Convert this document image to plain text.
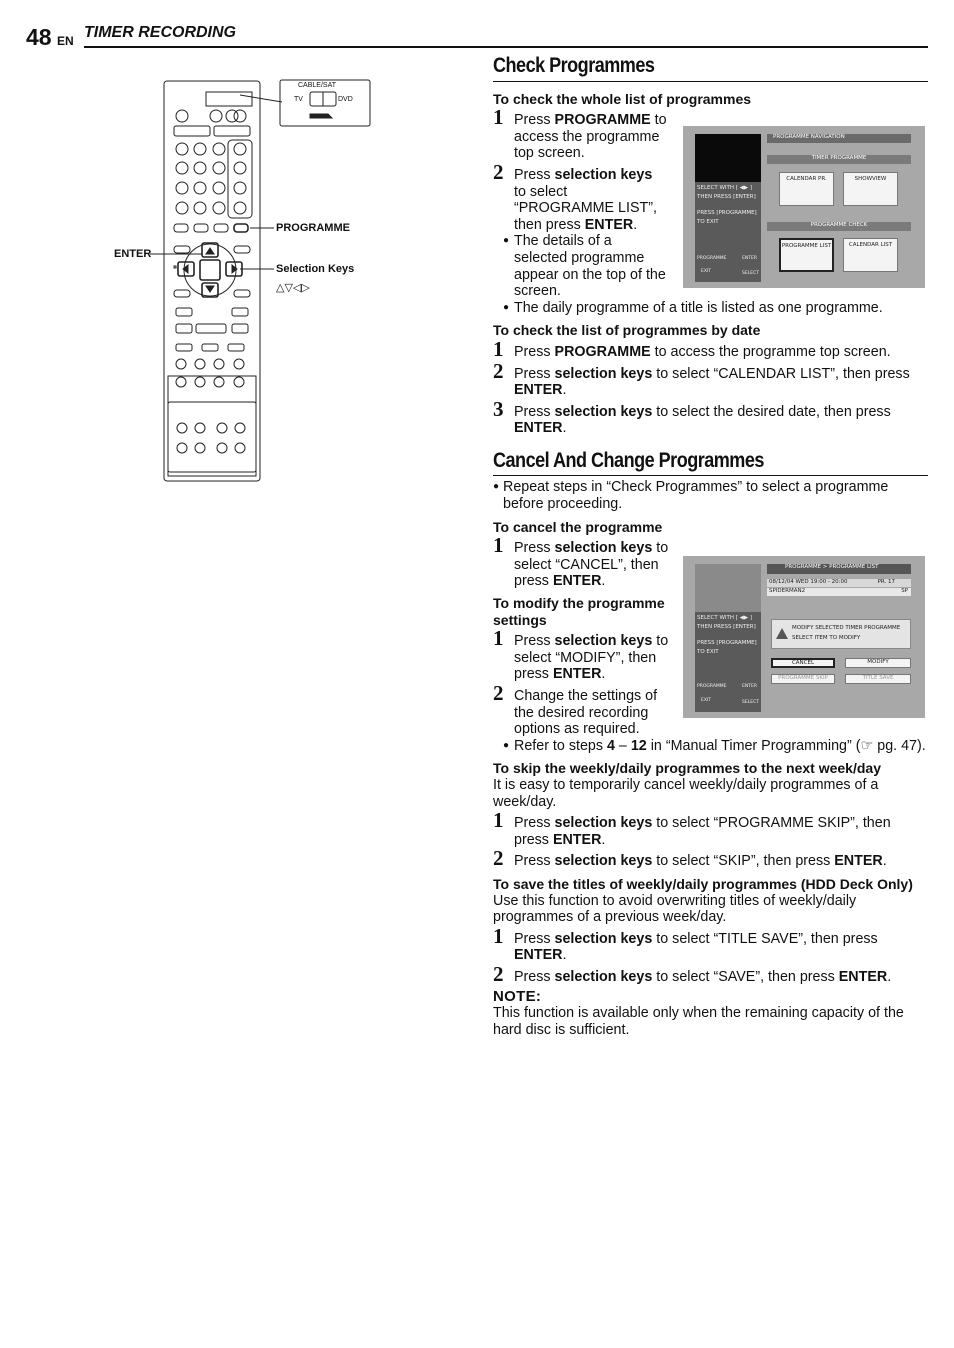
48 EN TIMER RECORDING
CABLE/SAT
TV	DVD
PROGRAMME
ENTER
Selection Keys
△▽◁▷
Check Programmes
To check the whole list of programmes
1 Press PROGRAMME to access the programme top screen.
2 Press selection keys to select “PROGRAMME LIST”, then press ENTER.
● The details of a selected programme appear on the top of the screen.
● The daily programme of a title is listed as one programme.
To check the list of programmes by date
1 Press PROGRAMME to access the programme top screen.
2 Press selection keys to select “CALENDAR LIST”, then press ENTER.
3 Press selection keys to select the desired date, then press ENTER.
Cancel And Change Programmes
● Repeat steps in “Check Programmes” to select a programme before proceeding.
To cancel the programme
1 Press selection keys to select “CANCEL”, then press ENTER.
To modify the programme settings
1 Press selection keys to select “MODIFY”, then press ENTER.
2 Change the settings of the desired recording options as required.
● Refer to steps 4 – 12 in “Manual Timer Programming” (☞ pg. 47).
To skip the weekly/daily programmes to the next week/day
It is easy to temporarily cancel weekly/daily programmes of a week/day.
1 Press selection keys to select “PROGRAMME SKIP”, then press ENTER.
2 Press selection keys to select “SKIP”, then press ENTER.
To save the titles of weekly/daily programmes (HDD Deck Only)
Use this function to avoid overwriting titles of weekly/daily programmes of a previous week/day.
1 Press selection keys to select “TITLE SAVE”, then press ENTER.
2 Press selection keys to select “SAVE”, then press ENTER.
NOTE:
This function is available only when the remaining capacity of the hard disc is sufficient.
SELECT WITH [ ◀▶ ]
THEN PRESS [ENTER]
PRESS [PROGRAMME]
TO EXIT
PROGRAMME	ENTER
EXIT	SELECT
PROGRAMME NAVIGATION
TIMER PROGRAMME
CALENDAR PR.	SHOWVIEW
PROGRAMME CHECK
PROGRAMME LIST	CALENDAR LIST
SELECT WITH [ ◀▶ ]
THEN PRESS [ENTER]
PRESS [PROGRAMME]
TO EXIT
PROGRAMME	ENTER
EXIT	SELECT
PROGRAMME > PROGRAMME LIST
08/12/04 WED 19:00 - 20:00	PR. 17
SPIDERMAN2	SP
MODIFY SELECTED TIMER PROGRAMME
SELECT ITEM TO MODIFY
CANCEL	MODIFY
PROGRAMME SKIP	TITLE SAVE
